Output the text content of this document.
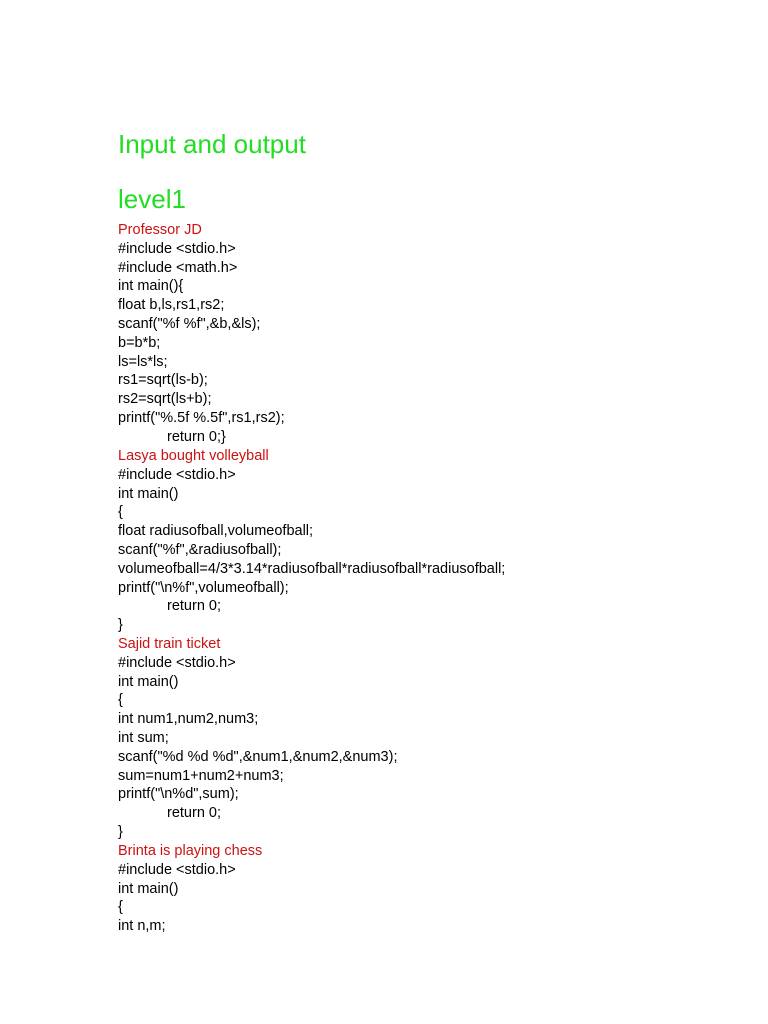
Input and output
level1
Professor JD
#include <stdio.h>
#include <math.h>
int main(){
float b,ls,rs1,rs2;
scanf("%f %f",&b,&ls);
b=b*b;
ls=ls*ls;
rs1=sqrt(ls-b);
rs2=sqrt(ls+b);
printf("%.5f %.5f",rs1,rs2);
return 0;}
Lasya bought volleyball
#include <stdio.h>
int main()
{
float radiusofball,volumeofball;
scanf("%f",&radiusofball);
volumeofball=4/3*3.14*radiusofball*radiusofball*radiusofball;
printf("\n%f",volumeofball);
return 0;
}
Sajid train ticket
#include <stdio.h>
int main()
{
int num1,num2,num3;
int sum;
scanf("%d %d %d",&num1,&num2,&num3);
sum=num1+num2+num3;
printf("\n%d",sum);
return 0;
}
Brinta is playing chess
#include <stdio.h>
int main()
{
int n,m;
